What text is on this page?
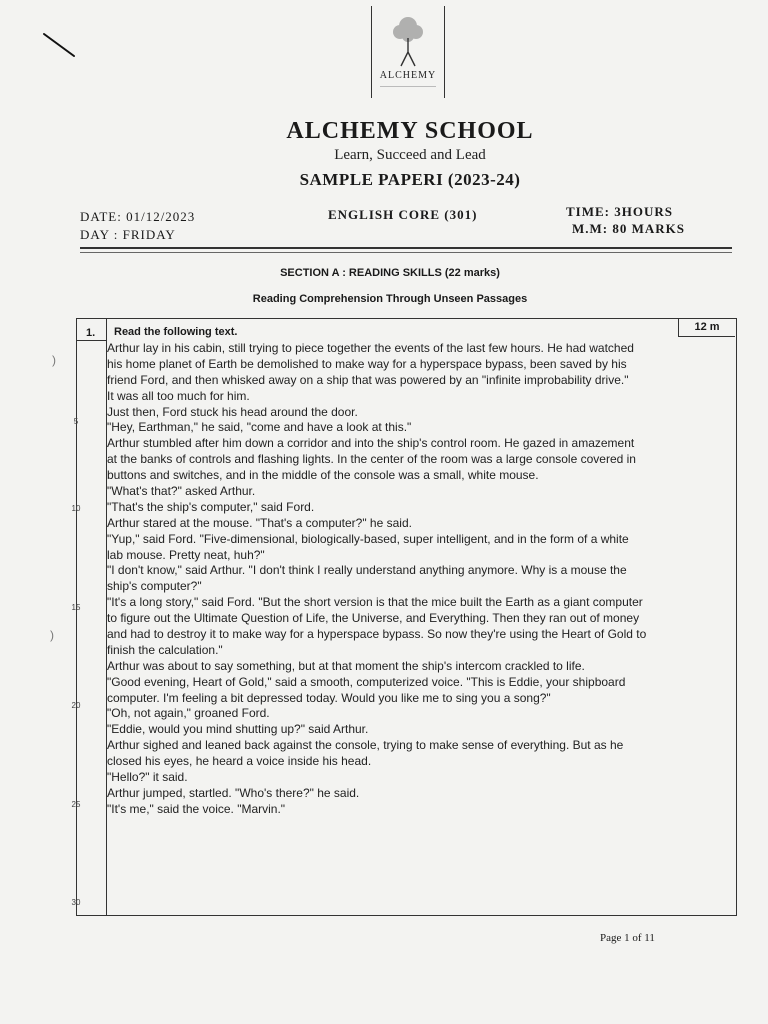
ALCHEMY
ALCHEMY SCHOOL
Learn, Succeed and Lead
SAMPLE PAPERI (2023-24)
DATE: 01/12/2023
DAY : FRIDAY
ENGLISH CORE (301)	TIME: 3HOURS
M.M: 80 MARKS
SECTION A : READING SKILLS (22 marks)
Reading Comprehension Through Unseen Passages
1. Read the following text.	12 m
Arthur lay in his cabin, still trying to piece together the events of the last few hours. He had watched
his home planet of Earth be demolished to make way for a hyperspace bypass, been saved by his
friend Ford, and then whisked away on a ship that was powered by an "infinite improbability drive."
It was all too much for him.
Just then, Ford stuck his head around the door.
"Hey, Earthman," he said, "come and have a look at this."
Arthur stumbled after him down a corridor and into the ship's control room. He gazed in amazement
at the banks of controls and flashing lights. In the center of the room was a large console covered in
buttons and switches, and in the middle of the console was a small, white mouse.
"What's that?" asked Arthur.
"That's the ship's computer," said Ford.
Arthur stared at the mouse. "That's a computer?" he said.
"Yup," said Ford. "Five-dimensional, biologically-based, super intelligent, and in the form of a white
lab mouse. Pretty neat, huh?"
"I don't know," said Arthur. "I don't think I really understand anything anymore. Why is a mouse the
ship's computer?"
"It's a long story," said Ford. "But the short version is that the mice built the Earth as a giant computer
to figure out the Ultimate Question of Life, the Universe, and Everything. Then they ran out of money
and had to destroy it to make way for a hyperspace bypass. So now they're using the Heart of Gold to
finish the calculation."
Arthur was about to say something, but at that moment the ship's intercom crackled to life.
"Good evening, Heart of Gold," said a smooth, computerized voice. "This is Eddie, your shipboard
computer. I'm feeling a bit depressed today. Would you like me to sing you a song?"
"Oh, not again," groaned Ford.
"Eddie, would you mind shutting up?" said Arthur.
Arthur sighed and leaned back against the console, trying to make sense of everything. But as he
closed his eyes, he heard a voice inside his head.
"Hello?" it said.
Arthur jumped, startled. "Who's there?" he said.
"It's me," said the voice. "Marvin."
5
10
15
20
25
30
)
)
Page 1 of 11
